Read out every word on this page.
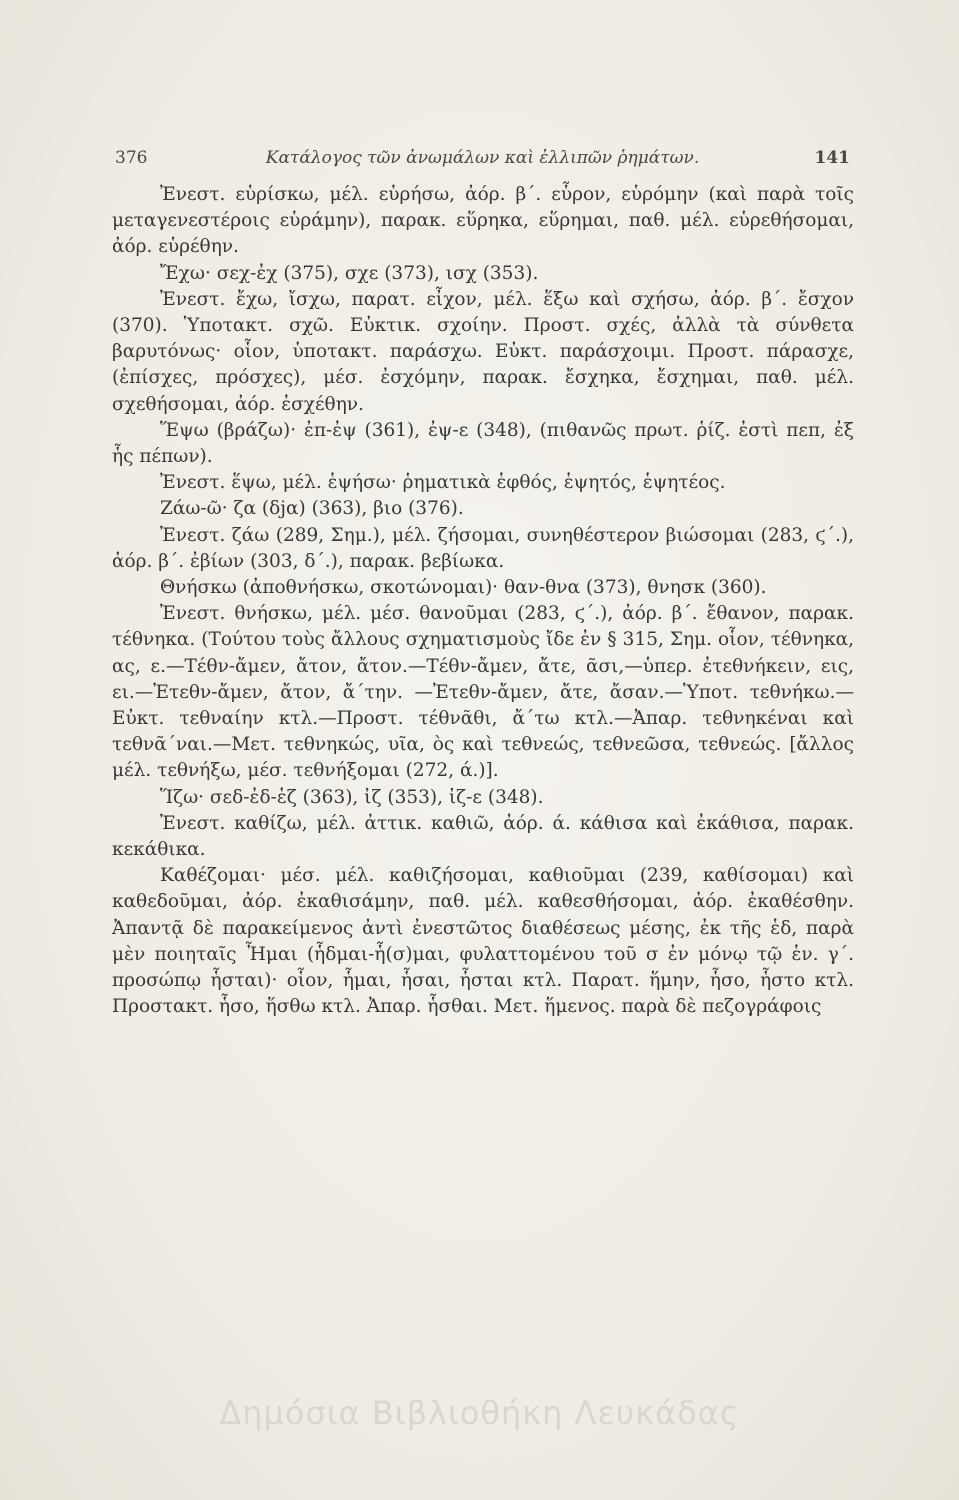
376	Κατάλογος τῶν ἀνωμάλων καὶ ἐλλιπῶν ῥημάτων.	141

Ἐνεστ. εὑρίσκω, μέλ. εὑρήσω, ἀόρ. β΄. εὗρον, εὑρόμην (καὶ παρὰ τοῖς μεταγενεστέροις εὑράμην), παρακ. εὕρηκα, εὕρημαι, παθ. μέλ. εὑρεθήσομαι, ἀόρ. εὑρέθην.

Ἔχω· σεχ-ἐχ (375), σχε (373), ισχ (353).

Ἐνεστ. ἔχω, ἴσχω, παρατ. εἶχον, μέλ. ἕξω καὶ σχήσω, ἀόρ. β΄. ἔσχον (370). Ὑποτακτ. σχῶ. Εὐκτικ. σχοίην. Προστ. σχές, ἀλλὰ τὰ σύνθετα βαρυτόνως· οἷον, ὑποτακτ. παράσχω. Εὐκτ. παράσχοιμι. Προστ. πάρασχε, (ἐπίσχες, πρόσχες), μέσ. ἐσχόμην, παρακ. ἔσχηκα, ἔσχημαι, παθ. μέλ. σχεθήσομαι, ἀόρ. ἐσχέθην.

Ἕψω (βράζω)· ἐπ-ἐψ (361), ἐψ-ε (348), (πιθανῶς πρωτ. ῥίζ. ἐστὶ πεπ, ἐξ ἧς πέπων).

Ἐνεστ. ἕψω, μέλ. ἑψήσω· ῥηματικὰ ἑφθός, ἑψητός, ἑψητέος.

Ζάω-ῶ· ζα (δjα) (363), βιο (376).

Ἐνεστ. ζάω (289, Σημ.), μέλ. ζήσομαι, συνηθέστερον βιώσομαι (283, ϛ΄.), ἀόρ. β΄. ἐβίων (303, δ΄.), παρακ. βεβίωκα.

Θνήσκω (ἀποθνήσκω, σκοτώνομαι)· θαν-θνα (373), θνησκ (360).

Ἐνεστ. θνήσκω, μέλ. μέσ. θανοῦμαι (283, ϛ΄.), ἀόρ. β΄. ἔθανον, παρακ. τέθνηκα. (Τούτου τοὺς ἄλλους σχηματισμοὺς ἴδε ἐν § 315, Σημ. οἷον, τέθνηκα, ας, ε.—Τέθν-ἄμεν, ἄτον, ἄτον.—Τέθν-ἄμεν, ἄτε, ᾶσι,—ὑπερ. ἐτεθνήκειν, εις, ει.—Ἐτεθν-ἄμεν, ἄτον, ἄ΄την. —Ἐτεθν-ἄμεν, ἄτε, ἄσαν.—Ὑποτ. τεθνήκω.—Εὐκτ. τεθναίην κτλ.—Προστ. τέθνᾶθι, ἄ΄τω κτλ.—Ἀπαρ. τεθνηκέναι καὶ τεθνᾶ΄ναι.—Μετ. τεθνηκώς, υῖα, ὸς καὶ τεθνεώς, τεθνεῶσα, τεθνεώς. [ἄλλος μέλ. τεθνήξω, μέσ. τεθνήξομαι (272, ά.)].

Ἵζω· σεδ-ἐδ-ἑζ (363), ἱζ (353), ἱζ-ε (348).

Ἐνεστ. καθίζω, μέλ. ἀττικ. καθιῶ, ἀόρ. ά. κάθισα καὶ ἐκάθισα, παρακ. κεκάθικα.

Καθέζομαι· μέσ. μέλ. καθιζήσομαι, καθιοῦμαι (239, καθίσομαι) καὶ καθεδοῦμαι, ἀόρ. ἐκαθισάμην, παθ. μέλ. καθεσθήσομαι, ἀόρ. ἐκαθέσθην. Ἀπαντᾷ δὲ παρακείμενος ἀντὶ ἐνεστῶτος διαθέσεως μέσης, ἐκ τῆς ἑδ, παρὰ μὲν ποιηταῖς Ἧμαι (ἧδμαι-ἧ(σ)μαι, φυλαττομένου τοῦ σ ἐν μόνῳ τῷ ἑν. γ΄. προσώπῳ ἧσται)· οἷον, ἧμαι, ἧσαι, ἧσται κτλ. Παρατ. ἥμην, ἧσο, ἧστο κτλ. Προστακτ. ἧσο, ἥσθω κτλ. Ἀπαρ. ἧσθαι. Μετ. ἥμενος. παρὰ δὲ πεζογράφοις

Δημόσια Βιβλιοθήκη Λευκάδας
